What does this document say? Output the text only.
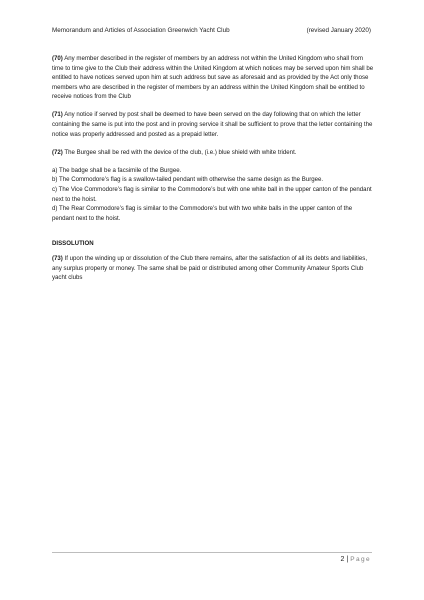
Memorandum and Articles of Association Greenwich Yacht Club	(revised January 2020)

(70) Any member described in the register of members by an address not within the United Kingdom who shall from time to time give to the Club their address within the United Kingdom at which notices may be served upon him shall be entitled to have notices served upon him at such address but save as aforesaid and as provided by the Act only those members who are described in the register of members by an address within the United Kingdom shall be entitled to receive notices from the Club

(71) Any notice if served by post shall be deemed to have been served on the day following that on which the letter containing the same is put into the post and in proving service it shall be sufficient to prove that the letter containing the notice was properly addressed and posted as a prepaid letter.

(72) The Burgee shall be red with the device of the club, (i.e.) blue shield with white trident.

a) The badge shall be a facsimile of the Burgee.
b) The Commodore’s flag is a swallow-tailed pendant with otherwise the same design as the Burgee.
c) The Vice Commodore’s flag is similar to the Commodore’s but with one white ball in the upper canton of the pendant next to the hoist.
d) The Rear Commodore’s flag is similar to the Commodore’s but with two white balls in the upper canton of the pendant next to the hoist.

DISSOLUTION

(73) If upon the winding up or dissolution of the Club there remains, after the satisfaction of all its debts and liabilities, any surplus property or money. The same shall be paid or distributed among other Community Amateur Sports Club yacht clubs

2 | Page
